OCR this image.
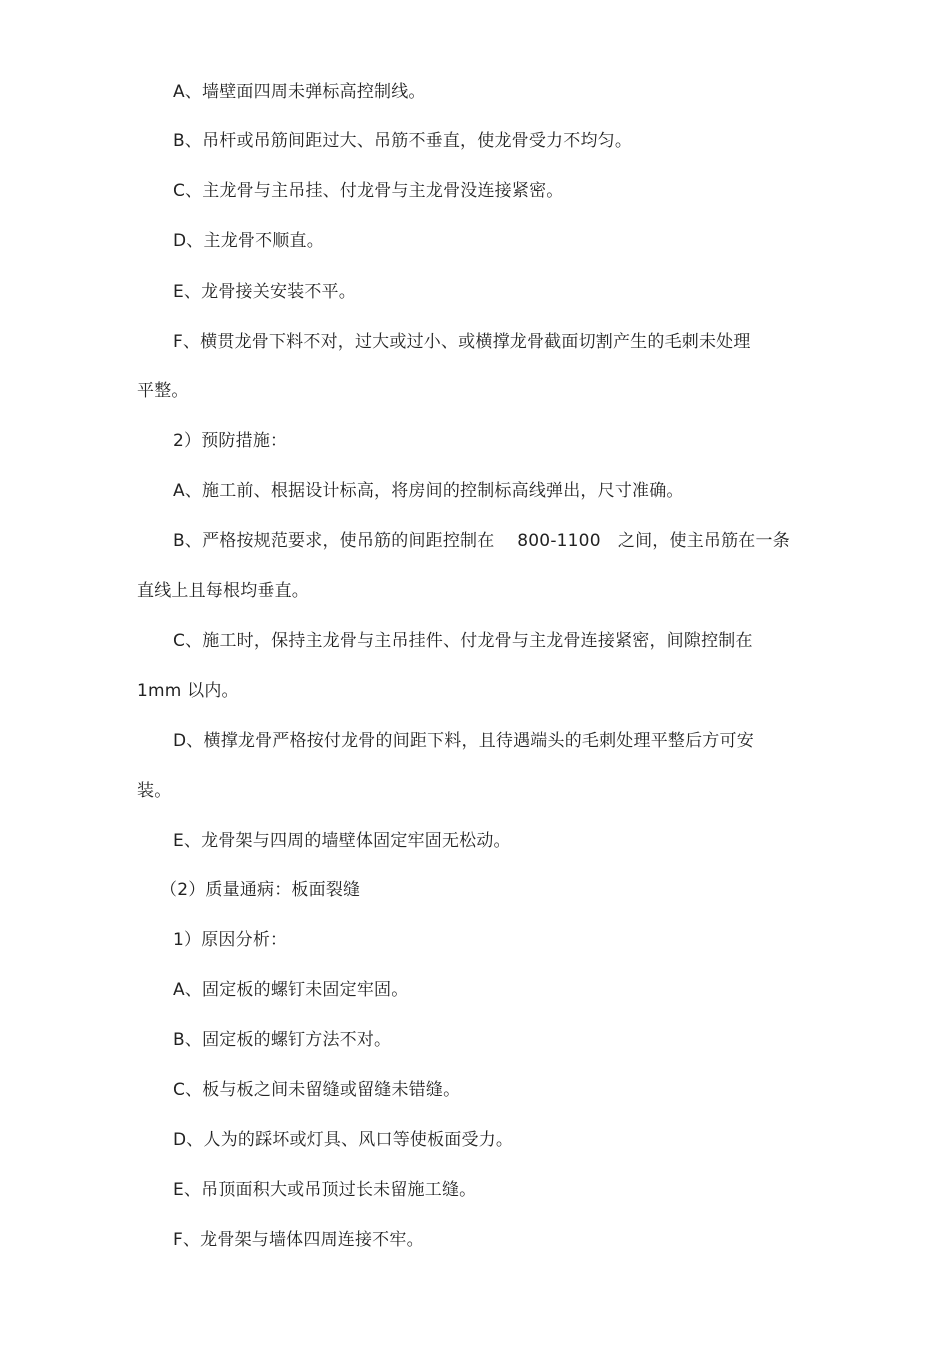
A、墙壁面四周未弹标高控制线。
B、吊杆或吊筋间距过大、吊筋不垂直，使龙骨受力不均匀。
C、主龙骨与主吊挂、付龙骨与主龙骨没连接紧密。
D、主龙骨不顺直。
E、龙骨接关安装不平。
F、横贯龙骨下料不对，过大或过小、或横撑龙骨截面切割产生的毛刺未处理
平整。
2）预防措施：
A、施工前、根据设计标高，将房间的控制标高线弹出，尺寸准确。
B、严格按规范要求，使吊筋的间距控制在　 800-1100　之间，使主吊筋在一条
直线上且每根均垂直。
C、施工时，保持主龙骨与主吊挂件、付龙骨与主龙骨连接紧密，间隙控制在
1mm 以内。
D、横撑龙骨严格按付龙骨的间距下料，且待遇端头的毛刺处理平整后方可安
装。
E、龙骨架与四周的墙壁体固定牢固无松动。
（2）质量通病：板面裂缝
1）原因分析：
A、固定板的螺钉未固定牢固。
B、固定板的螺钉方法不对。
C、板与板之间未留缝或留缝未错缝。
D、人为的踩坏或灯具、风口等使板面受力。
E、吊顶面积大或吊顶过长未留施工缝。
F、龙骨架与墙体四周连接不牢。
